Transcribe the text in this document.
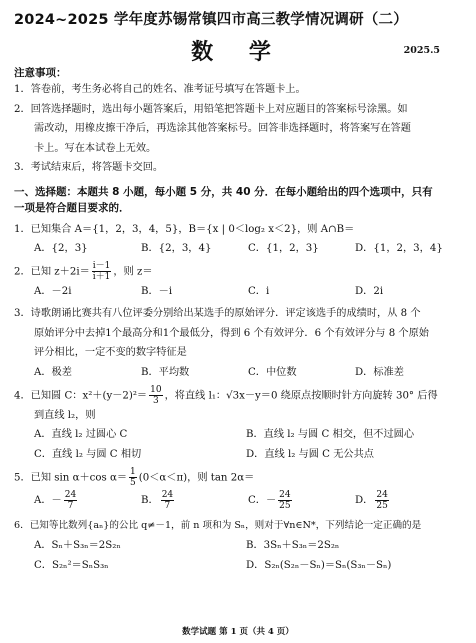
2024~2025 学年度苏锡常镇四市高三教学情况调研（二）
数 学	2025.5
注意事项：
1．答卷前，考生务必将自己的姓名、准考证号填写在答题卡上。
2．回答选择题时，选出每小题答案后，用铅笔把答题卡上对应题目的答案标号涂黑。如
需改动，用橡皮擦干净后，再选涂其他答案标号。回答非选择题时，将答案写在答题
卡上。写在本试卷上无效。
3．考试结束后，将答题卡交回。
一、选择题：本题共 8 小题，每小题 5 分，共 40 分．在每小题给出的四个选项中，只有
一项是符合题目要求的．
1．已知集合 A＝{1，2，3，4，5}，B＝{x | 0＜log₂ x＜2}，则 A∩B＝
A．{2，3}	B．{2，3，4}	C．{1，2，3}	D．{1，2，3，4}
2．已知 $z+2i= \frac{i-1}{i+1}$ ，则 z＝
A．－2i	B．－i	C．i	D．2i
3．诗歌朗诵比赛共有八位评委分别给出某选手的原始评分．评定该选手的成绩时，从 8 个
原始评分中去掉1个最高分和1个最低分，得到 6 个有效评分．6 个有效评分与 8 个原始
评分相比，一定不变的数字特征是
A．极差	B．平均数	C．中位数	D．标准差
4．已知圆 C：$x^2+(y-2)^2= \frac{10}{3}$ ，将直线 l₁：√3x－y＝0 绕原点按顺时针方向旋转 30° 后得
到直线 l₂，则
A．直线 l₂ 过圆心 C	B．直线 l₂ 与圆 C 相交，但不过圆心
C．直线 l₂ 与圆 C 相切	D．直线 l₂ 与圆 C 无公共点
5．已知 sin α＋cos $\alpha= \frac{1}{5} (0<\alpha<\pi)$，则 tan 2α＝
A．－ $\frac{24}{7}$	B． $\frac{24}{7}$	C．－ $\frac{24}{25}$	D． $\frac{24}{25}$
6．已知等比数列{aₙ}的公比 q≠－1，前 n 项和为 Sₙ，则对于∀n∈N*，下列结论一定正确的是
A．Sₙ＋S₃ₙ＝2S₂ₙ	B．3Sₙ＋S₃ₙ＝2S₂ₙ
C．S₂ₙ²＝SₙS₃ₙ	D．S₂ₙ(S₂ₙ－Sₙ)＝Sₙ(S₃ₙ－Sₙ)
数学试题 第 1 页（共 4 页）
